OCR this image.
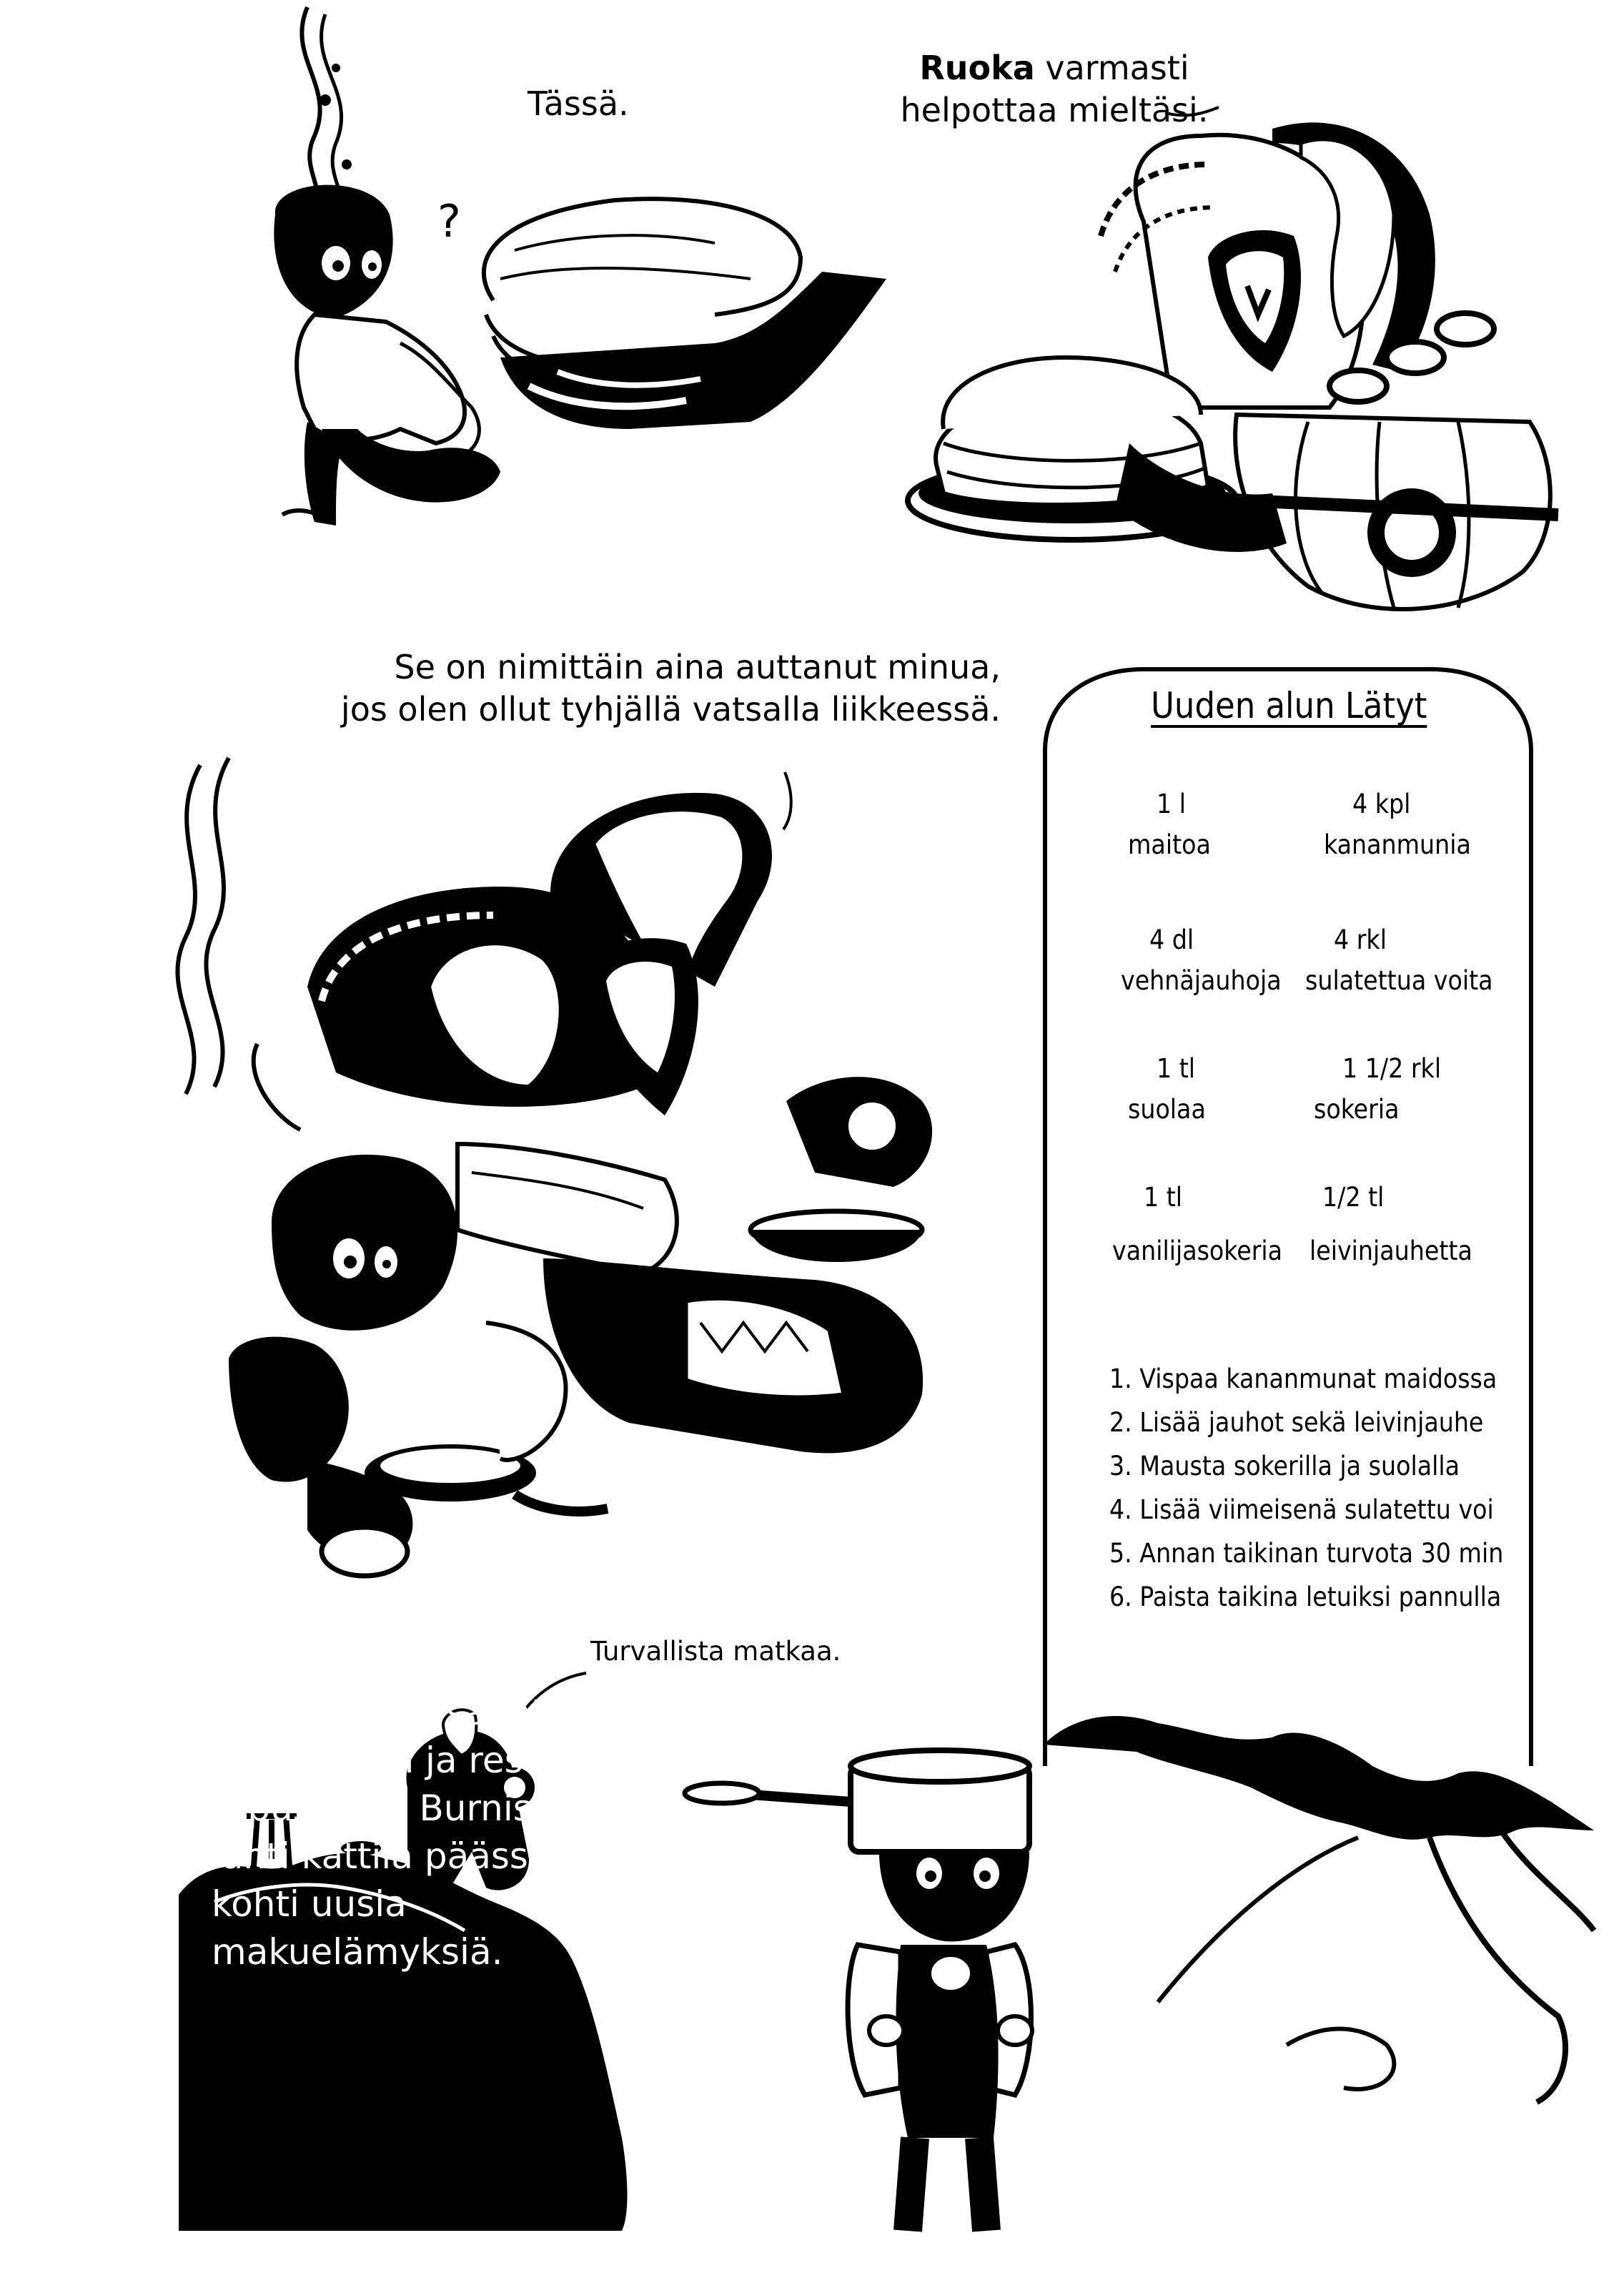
Tässä.
?
Ruoka varmasti
helpottaa mieltäsi.
Se on nimittäin aina auttanut minua,
jos olen ollut tyhjällä vatsalla liikkeessä.	Uuden alun Lätyt
1 l
maitoa
4 kpl
kananmunia
4 dl
vehnäjauhoja
4 rkl
sulatettua voita
1 tl
suolaa
1 1/2 rkl
sokeria
1 tl
vanilijasokeria
1/2 tl
leivinjauhetta
1. Vispaa kananmunat maidossa
2. Lisää jauhot sekä leivinjauhe
3. Mausta sokerilla ja suolalla
4. Lisää viimeisenä sulatettu voi
5. Annan taikinan turvota 30 min
6. Paista taikina letuiksi pannulla
Turvallista matkaa.
Muukalaisen sanat mielessään ja resepti repussaan, Burnis lähti kattila päässä kohti uusia makuelämyksiä.
